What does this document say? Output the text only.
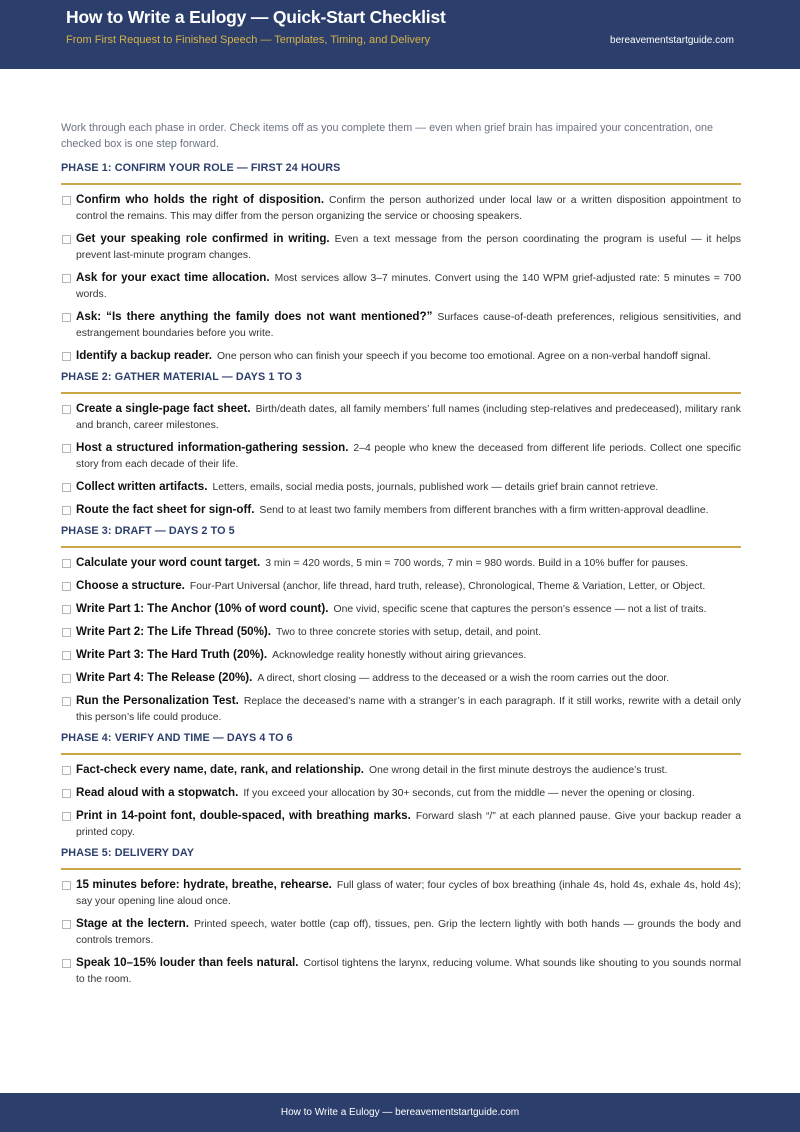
How to Write a Eulogy — Quick-Start Checklist
From First Request to Finished Speech — Templates, Timing, and Delivery	bereavementstartguide.com

Work through each phase in order. Check items off as you complete them — even when grief brain has impaired your concentration, one checked box is one step forward.

PHASE 1: CONFIRM YOUR ROLE — FIRST 24 HOURS
Confirm who holds the right of disposition. Confirm the person authorized under local law or a written disposition appointment to control the remains. This may differ from the person organizing the service or choosing speakers.
Get your speaking role confirmed in writing. Even a text message from the person coordinating the program is useful — it helps prevent last-minute program changes.
Ask for your exact time allocation. Most services allow 3–7 minutes. Convert using the 140 WPM grief-adjusted rate: 5 minutes = 700 words.
Ask: “Is there anything the family does not want mentioned?” Surfaces cause-of-death preferences, religious sensitivities, and estrangement boundaries before you write.
Identify a backup reader. One person who can finish your speech if you become too emotional. Agree on a non-verbal handoff signal.
PHASE 2: GATHER MATERIAL — DAYS 1 TO 3
Create a single-page fact sheet. Birth/death dates, all family members’ full names (including step-relatives and predeceased), military rank and branch, career milestones.
Host a structured information-gathering session. 2–4 people who knew the deceased from different life periods. Collect one specific story from each decade of their life.
Collect written artifacts. Letters, emails, social media posts, journals, published work — details grief brain cannot retrieve.
Route the fact sheet for sign-off. Send to at least two family members from different branches with a firm written-approval deadline.
PHASE 3: DRAFT — DAYS 2 TO 5
Calculate your word count target. 3 min = 420 words, 5 min = 700 words, 7 min = 980 words. Build in a 10% buffer for pauses.
Choose a structure. Four-Part Universal (anchor, life thread, hard truth, release), Chronological, Theme & Variation, Letter, or Object.
Write Part 1: The Anchor (10% of word count). One vivid, specific scene that captures the person’s essence — not a list of traits.
Write Part 2: The Life Thread (50%). Two to three concrete stories with setup, detail, and point.
Write Part 3: The Hard Truth (20%). Acknowledge reality honestly without airing grievances.
Write Part 4: The Release (20%). A direct, short closing — address to the deceased or a wish the room carries out the door.
Run the Personalization Test. Replace the deceased’s name with a stranger’s in each paragraph. If it still works, rewrite with a detail only this person’s life could produce.
PHASE 4: VERIFY AND TIME — DAYS 4 TO 6
Fact-check every name, date, rank, and relationship. One wrong detail in the first minute destroys the audience’s trust.
Read aloud with a stopwatch. If you exceed your allocation by 30+ seconds, cut from the middle — never the opening or closing.
Print in 14-point font, double-spaced, with breathing marks. Forward slash “/” at each planned pause. Give your backup reader a printed copy.
PHASE 5: DELIVERY DAY
15 minutes before: hydrate, breathe, rehearse. Full glass of water; four cycles of box breathing (inhale 4s, hold 4s, exhale 4s, hold 4s); say your opening line aloud once.
Stage at the lectern. Printed speech, water bottle (cap off), tissues, pen. Grip the lectern lightly with both hands — grounds the body and controls tremors.
Speak 10–15% louder than feels natural. Cortisol tightens the larynx, reducing volume. What sounds like shouting to you sounds normal to the room.
How to Write a Eulogy — bereavementstartguide.com
